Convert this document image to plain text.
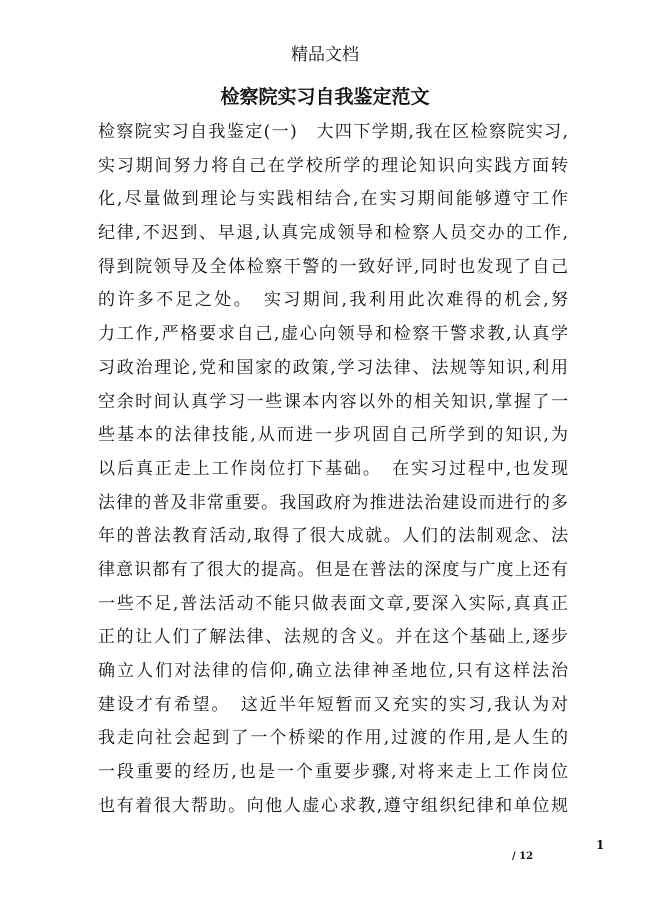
精品文档
检察院实习自我鉴定范文
检察院实习自我鉴定(一)　大四下学期,我在区检察院实习,
实习期间努力将自己在学校所学的理论知识向实践方面转
化,尽量做到理论与实践相结合,在实习期间能够遵守工作
纪律,不迟到、早退,认真完成领导和检察人员交办的工作,
得到院领导及全体检察干警的一致好评,同时也发现了自己
的许多不足之处。　实习期间,我利用此次难得的机会,努
力工作,严格要求自己,虚心向领导和检察干警求教,认真学
习政治理论,党和国家的政策,学习法律、法规等知识,利用
空余时间认真学习一些课本内容以外的相关知识,掌握了一
些基本的法律技能,从而进一步巩固自己所学到的知识,为
以后真正走上工作岗位打下基础。　在实习过程中,也发现
法律的普及非常重要。我国政府为推进法治建设而进行的多
年的普法教育活动,取得了很大成就。人们的法制观念、法
律意识都有了很大的提高。但是在普法的深度与广度上还有
一些不足,普法活动不能只做表面文章,要深入实际,真真正
正的让人们了解法律、法规的含义。并在这个基础上,逐步
确立人们对法律的信仰,确立法律神圣地位,只有这样法治
建设才有希望。　这近半年短暂而又充实的实习,我认为对
我走向社会起到了一个桥梁的作用,过渡的作用,是人生的
一段重要的经历,也是一个重要步骤,对将来走上工作岗位
也有着很大帮助。向他人虚心求教,遵守组织纪律和单位规
1
/ 12
